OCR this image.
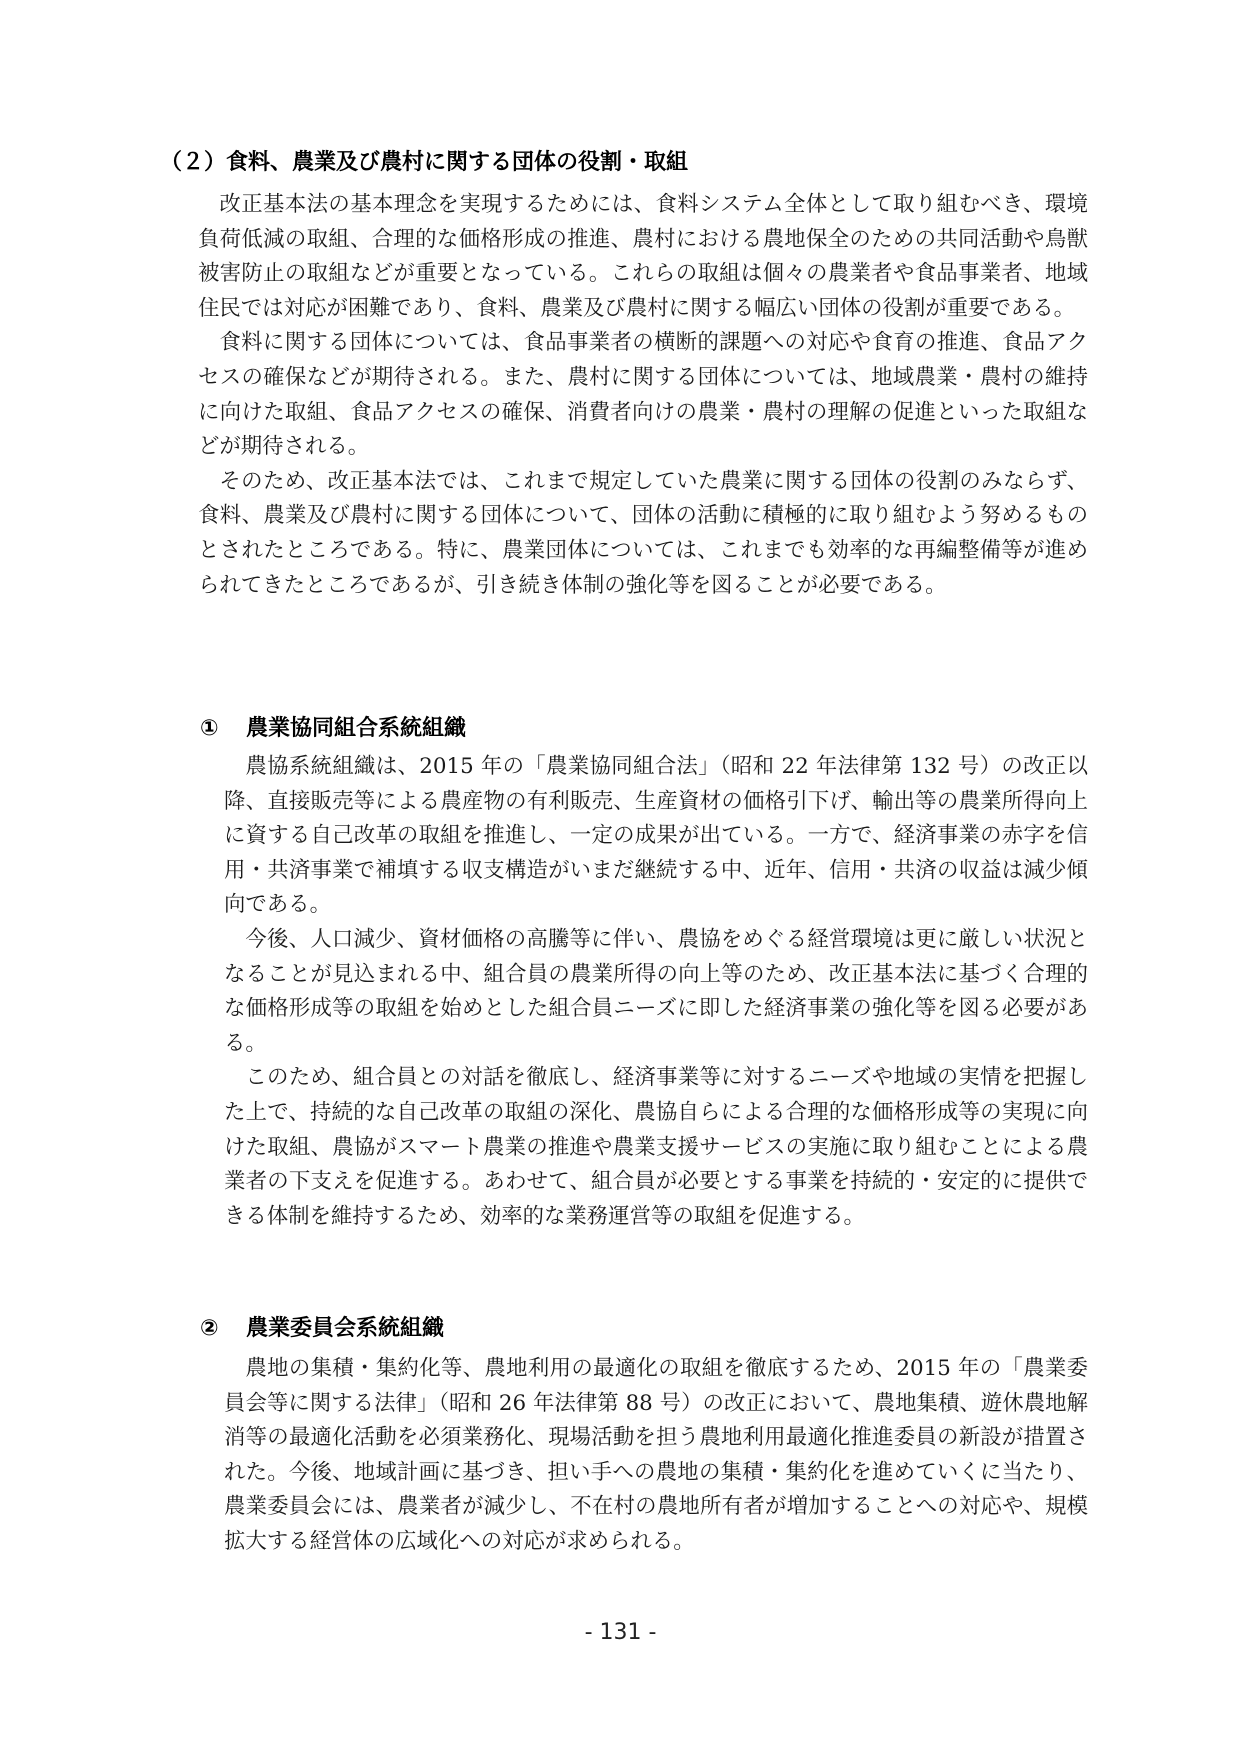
（２）食料、農業及び農村に関する団体の役割・取組

改正基本法の基本理念を実現するためには、食料システム全体として取り組むべき、環境負荷低減の取組、合理的な価格形成の推進、農村における農地保全のための共同活動や鳥獣被害防止の取組などが重要となっている。これらの取組は個々の農業者や食品事業者、地域住民では対応が困難であり、食料、農業及び農村に関する幅広い団体の役割が重要である。

食料に関する団体については、食品事業者の横断的課題への対応や食育の推進、食品アクセスの確保などが期待される。また、農村に関する団体については、地域農業・農村の維持に向けた取組、食品アクセスの確保、消費者向けの農業・農村の理解の促進といった取組などが期待される。

そのため、改正基本法では、これまで規定していた農業に関する団体の役割のみならず、食料、農業及び農村に関する団体について、団体の活動に積極的に取り組むよう努めるものとされたところである。特に、農業団体については、これまでも効率的な再編整備等が進められてきたところであるが、引き続き体制の強化等を図ることが必要である。

① 農業協同組合系統組織

農協系統組織は、2015 年の「農業協同組合法」（昭和 22 年法律第 132 号）の改正以降、直接販売等による農産物の有利販売、生産資材の価格引下げ、輸出等の農業所得向上に資する自己改革の取組を推進し、一定の成果が出ている。一方で、経済事業の赤字を信用・共済事業で補填する収支構造がいまだ継続する中、近年、信用・共済の収益は減少傾向である。

今後、人口減少、資材価格の高騰等に伴い、農協をめぐる経営環境は更に厳しい状況となることが見込まれる中、組合員の農業所得の向上等のため、改正基本法に基づく合理的な価格形成等の取組を始めとした組合員ニーズに即した経済事業の強化等を図る必要がある。

このため、組合員との対話を徹底し、経済事業等に対するニーズや地域の実情を把握した上で、持続的な自己改革の取組の深化、農協自らによる合理的な価格形成等の実現に向けた取組、農協がスマート農業の推進や農業支援サービスの実施に取り組むことによる農業者の下支えを促進する。あわせて、組合員が必要とする事業を持続的・安定的に提供できる体制を維持するため、効率的な業務運営等の取組を促進する。

② 農業委員会系統組織

農地の集積・集約化等、農地利用の最適化の取組を徹底するため、2015 年の「農業委員会等に関する法律」（昭和 26 年法律第 88 号）の改正において、農地集積、遊休農地解消等の最適化活動を必須業務化、現場活動を担う農地利用最適化推進委員の新設が措置された。今後、地域計画に基づき、担い手への農地の集積・集約化を進めていくに当たり、農業委員会には、農業者が減少し、不在村の農地所有者が増加することへの対応や、規模拡大する経営体の広域化への対応が求められる。

- 131 -
